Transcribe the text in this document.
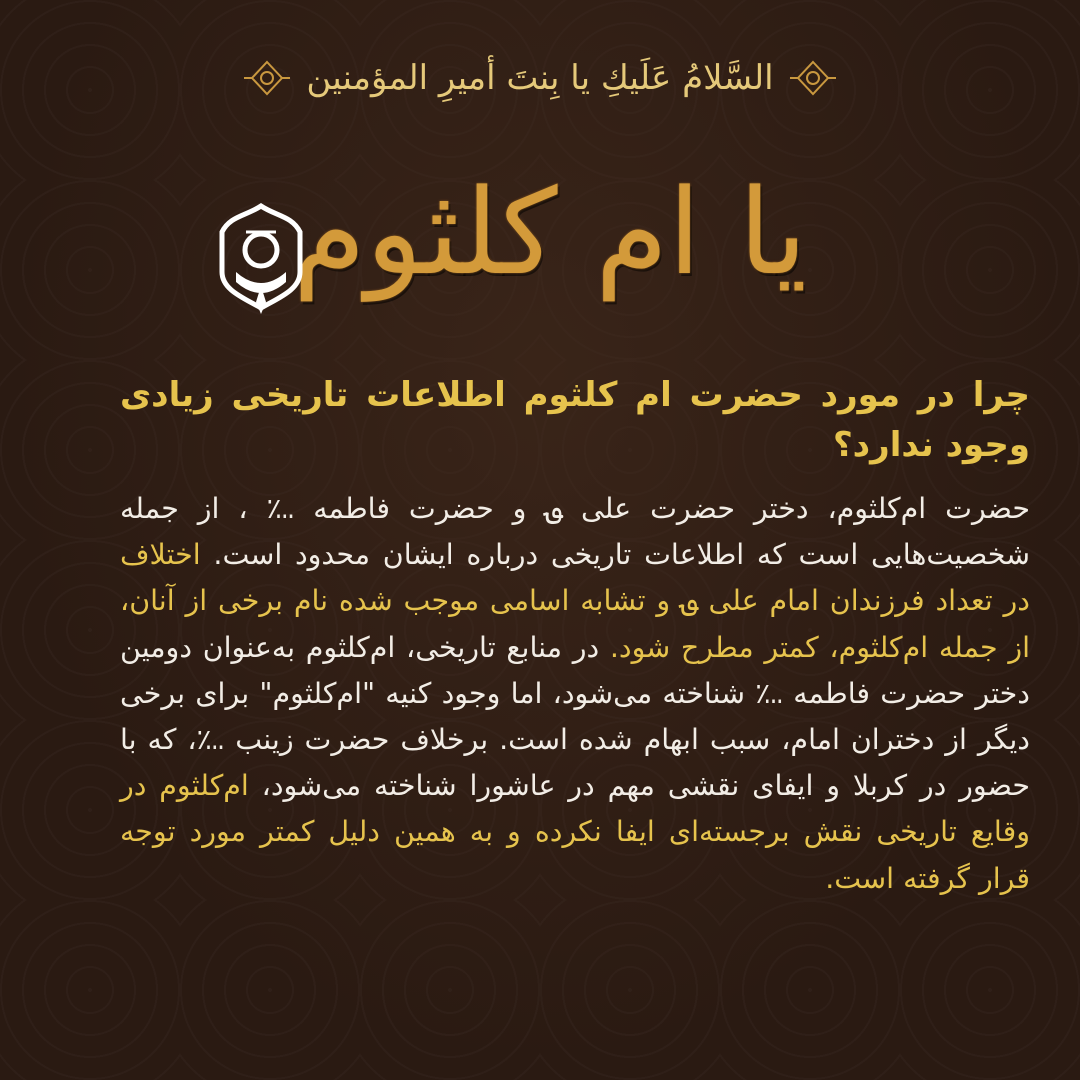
السَّلامُ عَلَيكِ يا بِنتَ أميرِ المؤمنين
یا ام کلثوم
چرا در مورد حضرت ام کلثوم اطلاعات تاریخی زیادی وجود ندارد؟

حضرت ام‌کلثوم، دختر حضرت علی ؈ و حضرت فاطمه ؊ ، از جمله شخصیت‌هایی است که اطلاعات تاریخی درباره ایشان محدود است. اختلاف در تعداد فرزندان امام علی ؈ و تشابه اسامی موجب شده نام برخی از آنان، از جمله ام‌کلثوم، کمتر مطرح شود. در منابع تاریخی، ام‌کلثوم به‌عنوان دومین دختر حضرت فاطمه ؊ شناخته می‌شود، اما وجود کنیه "ام‌کلثوم" برای برخی دیگر از دختران امام، سبب ابهام شده است. برخلاف حضرت زینب ؊، که با حضور در کربلا و ایفای نقشی مهم در عاشورا شناخته می‌شود، ام‌کلثوم در وقایع تاریخی نقش برجسته‌ای ایفا نکرده و به همین دلیل کمتر مورد توجه قرار گرفته است.
